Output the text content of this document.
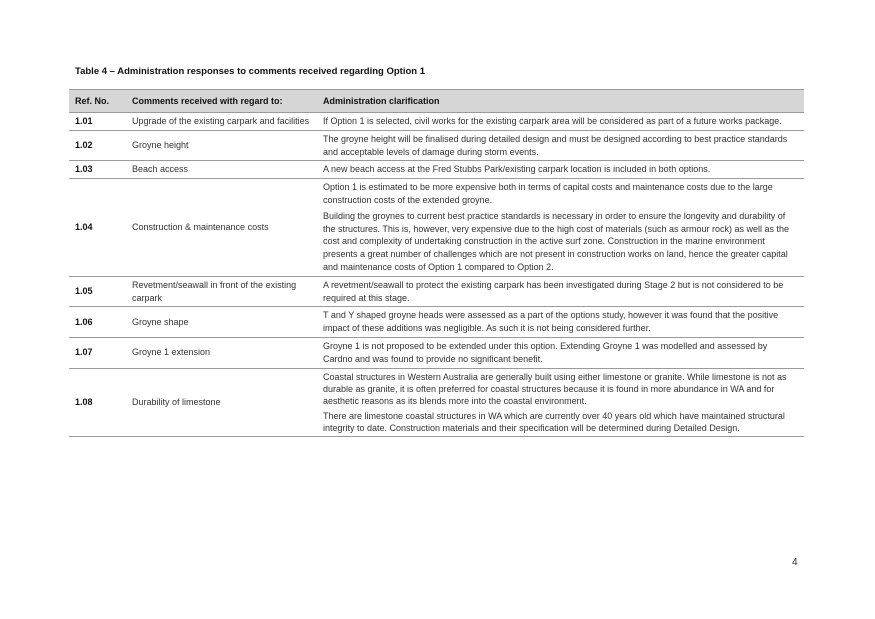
Table 4 – Administration responses to comments received regarding Option 1
Ref. No.	Comments received with regard to:	Administration clarification
1.01	Upgrade of the existing carpark and facilities	If Option 1 is selected, civil works for the existing carpark area will be considered as part of a future works package.

1.02	Groyne height	The groyne height will be finalised during detailed design and must be designed according to best practice standards and acceptable levels of damage during storm events.

1.03	Beach access	A new beach access at the Fred Stubbs Park/existing carpark location is included in both options.

1.04	Construction & maintenance costs	Option 1 is estimated to be more expensive both in terms of capital costs and maintenance costs due to the large construction costs of the extended groyne.

Building the groynes to current best practice standards is necessary in order to ensure the longevity and durability of the structures. This is, however, very expensive due to the high cost of materials (such as armour rock) as well as the cost and complexity of undertaking construction in the active surf zone. Construction in the marine environment presents a great number of challenges which are not present in construction works on land, hence the greater capital and maintenance costs of Option 1 compared to Option 2.

1.05	Revetment/seawall in front of the existing carpark	A revetment/seawall to protect the existing carpark has been investigated during Stage 2 but is not considered to be required at this stage.

1.06	Groyne shape	T and Y shaped groyne heads were assessed as a part of the options study, however it was found that the positive impact of these additions was negligible. As such it is not being considered further.

1.07	Groyne 1 extension	Groyne 1 is not proposed to be extended under this option. Extending Groyne 1 was modelled and assessed by Cardno and was found to provide no significant benefit.

1.08	Durability of limestone	Coastal structures in Western Australia are generally built using either limestone or granite. While limestone is not as durable as granite, it is often preferred for coastal structures because it is found in more abundance in WA and for aesthetic reasons as its blends more into the coastal environment.

There are limestone coastal structures in WA which are currently over 40 years old which have maintained structural integrity to date. Construction materials and their specification will be determined during Detailed Design.

4
